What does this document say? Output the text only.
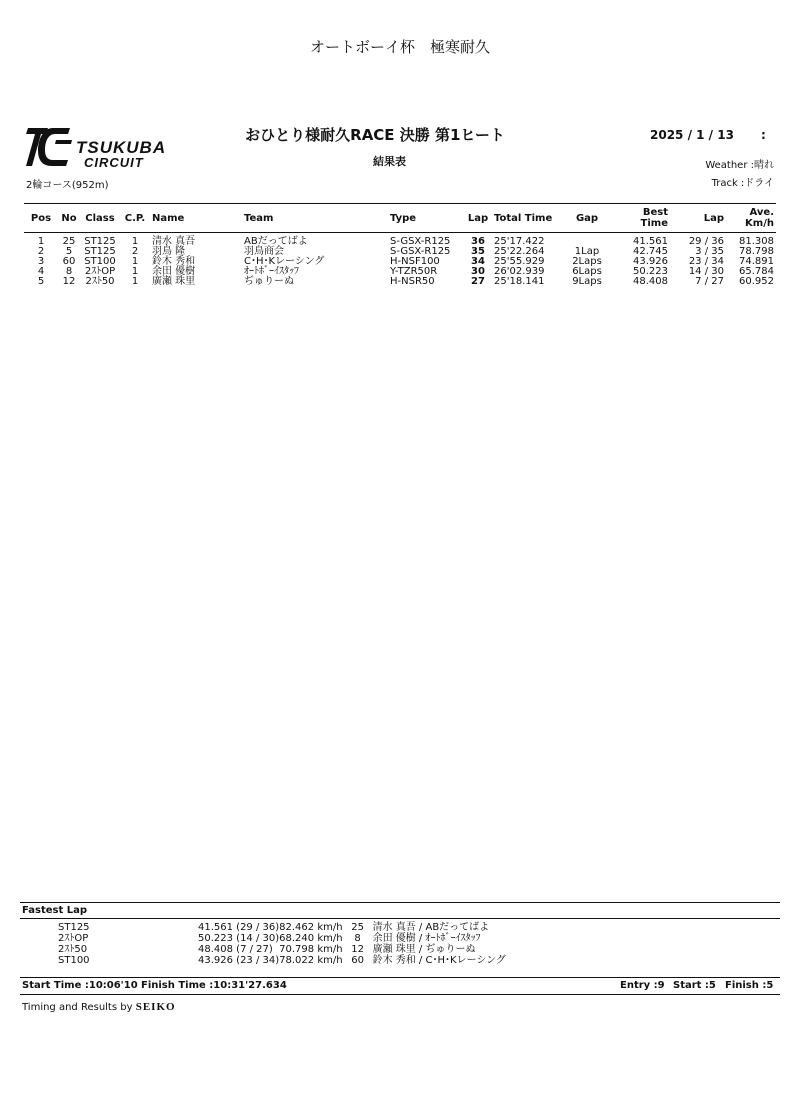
オートボーイ杯　極寒耐久
TSUKUBA
CIRCUIT
おひとり様耐久RACE 決勝 第1ヒート	2025 / 1 / 13 :
結果表	Weather :晴れ
Track :ドライ
2輪コース(952m)
Pos	No	Class	C.P.	Name	Team	Type	Lap	Total Time	Gap	Best Time	Lap	Ave.
Km/h

1	25	ST125	1	清水 真吾	ABだってばよ	S-GSX-R125	36	25'17.422		41.561	29 / 36	81.308
2	5	ST125	2	羽鳥 隆	羽鳥商会	S-GSX-R125	35	25'22.264	1Lap	42.745	3 / 35	78.798
3	60	ST100	1	鈴木 秀和	C･H･Kレーシング	H-NSF100	34	25'55.929	2Laps	43.926	23 / 34	74.891
4	8	2ｽﾄOP	1	余田 優樹	ｵｰﾄﾎﾞｰｲｽﾀｯﾌ	Y-TZR50R	30	26'02.939	6Laps	50.223	14 / 30	65.784
5	12	2ｽﾄ50	1	廣瀬 珠里	ぢゅりーぬ	H-NSR50	27	25'18.141	9Laps	48.408	7 / 27	60.952
Fastest Lap
	ST125	41.561 (29 / 36)	82.462 km/h	25	清水 真吾 / ABだってばよ
	2ｽﾄOP	50.223 (14 / 30)	68.240 km/h	8	余田 優樹 / ｵｰﾄﾎﾞｰｲｽﾀｯﾌ
	2ｽﾄ50	48.408 (7 / 27)	70.798 km/h	12	廣瀬 珠里 / ぢゅりーぬ
	ST100	43.926 (23 / 34)	78.022 km/h	60	鈴木 秀和 / C･H･Kレーシング
Start Time :10:06'10 Finish Time :10:31'27.634	Entry :9 Start :5 Finish :5
Timing and Results by SEIKO
